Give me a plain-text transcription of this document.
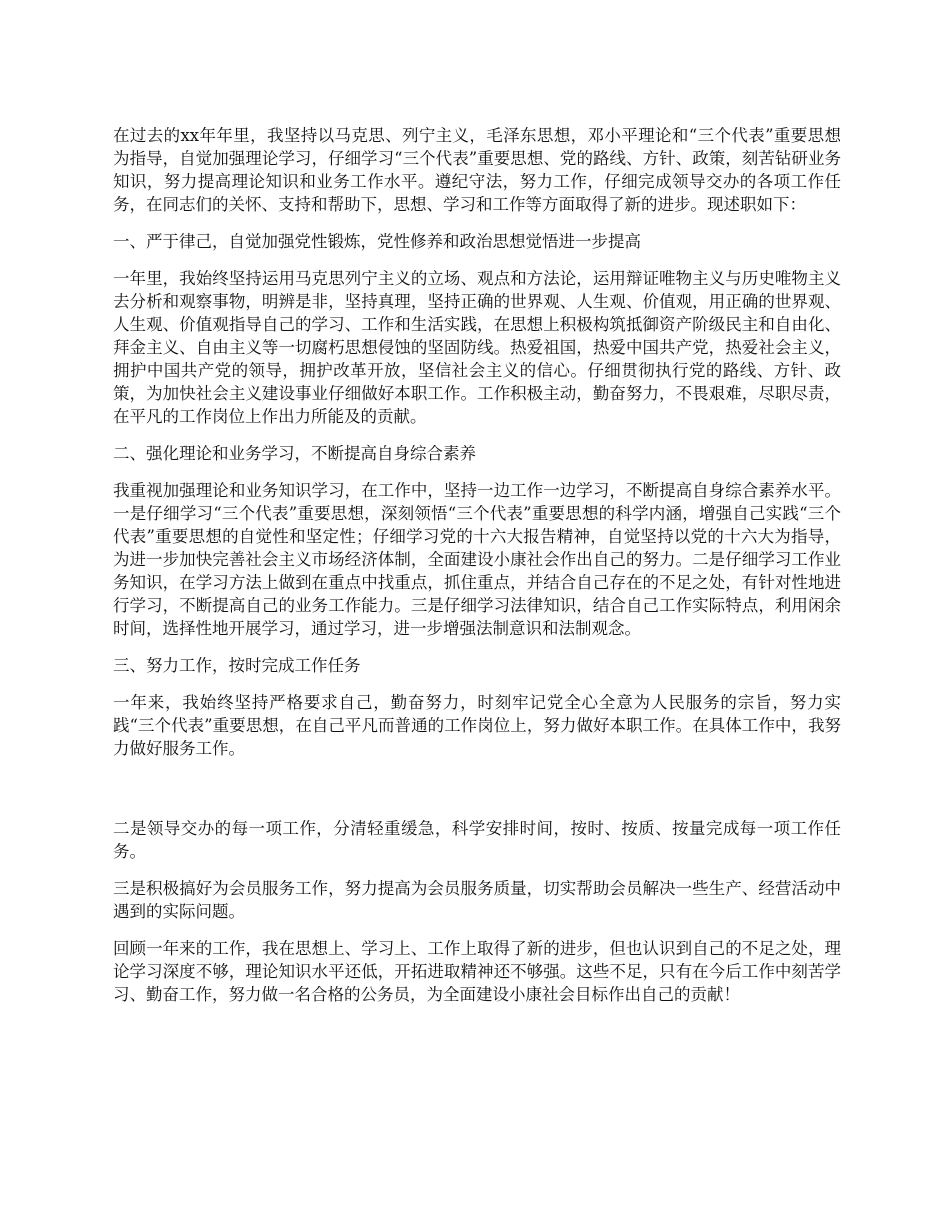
在过去的xx年年里，我坚持以马克思、列宁主义，毛泽东思想，邓小平理论和“三个代表”重要思想为指导，自觉加强理论学习，仔细学习“三个代表”重要思想、党的路线、方针、政策，刻苦钻研业务知识，努力提高理论知识和业务工作水平。遵纪守法，努力工作，仔细完成领导交办的各项工作任务，在同志们的关怀、支持和帮助下，思想、学习和工作等方面取得了新的进步。现述职如下：

一、严于律己，自觉加强党性锻炼，党性修养和政治思想觉悟进一步提高

一年里，我始终坚持运用马克思列宁主义的立场、观点和方法论，运用辩证唯物主义与历史唯物主义去分析和观察事物，明辨是非，坚持真理，坚持正确的世界观、人生观、价值观，用正确的世界观、人生观、价值观指导自己的学习、工作和生活实践，在思想上积极构筑抵御资产阶级民主和自由化、拜金主义、自由主义等一切腐朽思想侵蚀的坚固防线。热爱祖国，热爱中国共产党，热爱社会主义，拥护中国共产党的领导，拥护改革开放，坚信社会主义的信心。仔细贯彻执行党的路线、方针、政策，为加快社会主义建设事业仔细做好本职工作。工作积极主动，勤奋努力，不畏艰难，尽职尽责，在平凡的工作岗位上作出力所能及的贡献。

二、强化理论和业务学习，不断提高自身综合素养

我重视加强理论和业务知识学习，在工作中，坚持一边工作一边学习，不断提高自身综合素养水平。一是仔细学习“三个代表”重要思想，深刻领悟“三个代表”重要思想的科学内涵，增强自己实践“三个代表”重要思想的自觉性和坚定性；仔细学习党的十六大报告精神，自觉坚持以党的十六大为指导，为进一步加快完善社会主义市场经济体制，全面建设小康社会作出自己的努力。二是仔细学习工作业务知识，在学习方法上做到在重点中找重点，抓住重点，并结合自己存在的不足之处，有针对性地进行学习，不断提高自己的业务工作能力。三是仔细学习法律知识，结合自己工作实际特点，利用闲余时间，选择性地开展学习，通过学习，进一步增强法制意识和法制观念。

三、努力工作，按时完成工作任务

一年来，我始终坚持严格要求自己，勤奋努力，时刻牢记党全心全意为人民服务的宗旨，努力实践“三个代表”重要思想，在自己平凡而普通的工作岗位上，努力做好本职工作。在具体工作中，我努力做好服务工作。

二是领导交办的每一项工作，分清轻重缓急，科学安排时间，按时、按质、按量完成每一项工作任务。

三是积极搞好为会员服务工作，努力提高为会员服务质量，切实帮助会员解决一些生产、经营活动中遇到的实际问题。

回顾一年来的工作，我在思想上、学习上、工作上取得了新的进步，但也认识到自己的不足之处，理论学习深度不够，理论知识水平还低，开拓进取精神还不够强。这些不足，只有在今后工作中刻苦学习、勤奋工作，努力做一名合格的公务员，为全面建设小康社会目标作出自己的贡献！
